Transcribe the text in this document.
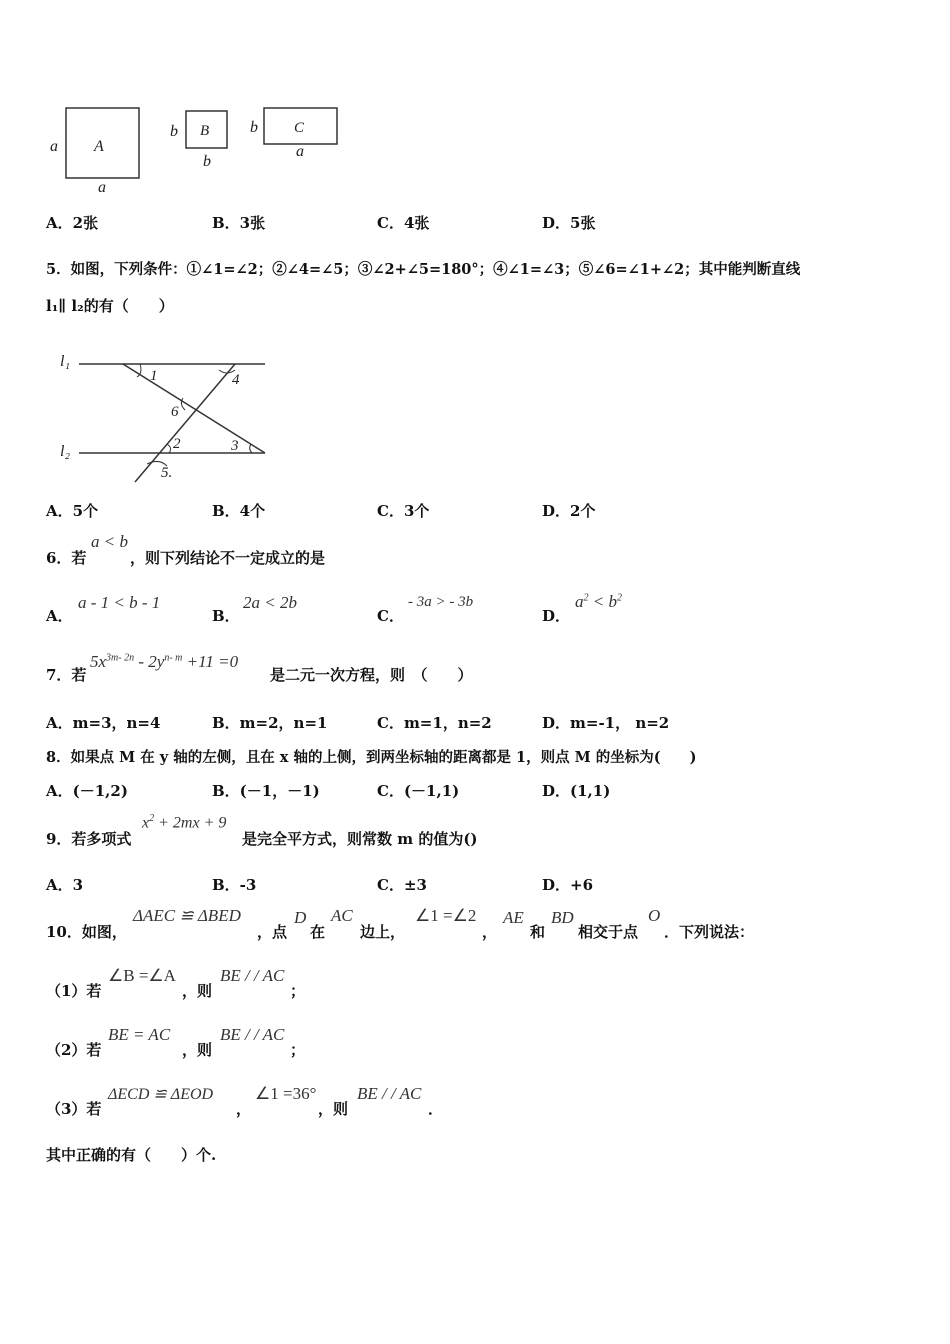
a A
a
b B
b
b C
a
A．2张	B．3张	C．4张	D．5张
5．如图，下列条件：①∠1=∠2；②∠4=∠5；③∠2+∠5=180°；④∠1=∠3；⑤∠6=∠1+∠2；其中能判断直线
l₁∥ l₂的有（　　）
l₁
l₂
1	4
6
2	3
5.
A．5个	B．4个	C．3个	D．2个
6．若
a < b
，则下列结论不一定成立的是
A．
a - 1 < b - 1
B．
2a < 2b
C．
- 3a > - 3b
D．
$a^2 < b^2$
7．若
$5x^{3m- 2n} - 2y^{n- m} +11 =0$
是二元一次方程，则　（　　）
A．m=3，n=4	B．m=2，n=1	C．m=1，n=2	D．m=-1， n=2
8．如果点 M 在 y 轴的左侧，且在 x 轴的上侧，到两坐标轴的距离都是 1，则点 M 的坐标为(　　)
A．(－1,2)	B．(－1，－1)	C．(－1,1)	D．(1,1)
9．若多项式
$x^2 + 2mx + 9$
是完全平方式，则常数 m 的值为()
A．3	B．-3	C．±3	D．+6
10．如图，
ΔAEC ≌ ΔBED
，点
D
在
AC
边上，
∠1 =∠2
，
AE
和
BD
相交于点
O
．下列说法：
（1）若
∠B =∠A
，则
BE / / AC
；
（2）若
BE = AC
，则
BE / / AC
；
（3）若
ΔECD ≌ ΔEOD
，
∠1 =36°
，则
BE / / AC
．
其中正确的有（　　）个.
